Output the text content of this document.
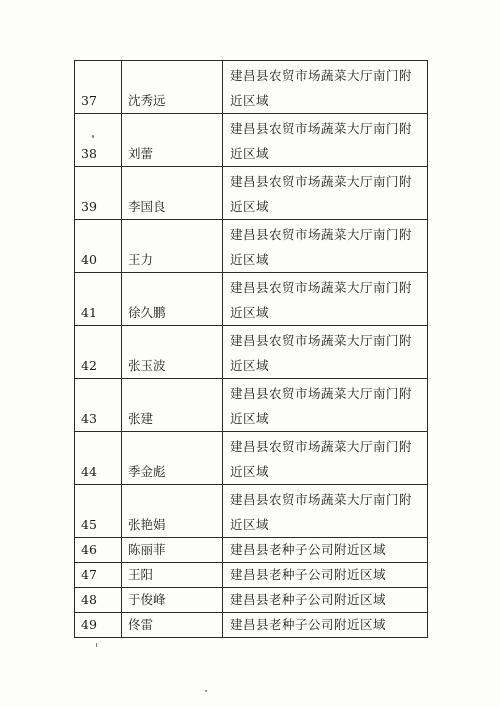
37	沈秀远	建昌县农贸市场蔬菜大厅南门附近区域
38	刘蕾	建昌县农贸市场蔬菜大厅南门附近区域
39	李国良	建昌县农贸市场蔬菜大厅南门附近区域
40	王力	建昌县农贸市场蔬菜大厅南门附近区域
41	徐久鹏	建昌县农贸市场蔬菜大厅南门附近区域
42	张玉波	建昌县农贸市场蔬菜大厅南门附近区域
43	张建	建昌县农贸市场蔬菜大厅南门附近区域
44	季金彪	建昌县农贸市场蔬菜大厅南门附近区域
45	张艳娟	建昌县农贸市场蔬菜大厅南门附近区域
46	陈丽菲	建昌县老种子公司附近区域
47	王阳	建昌县老种子公司附近区域
48	于俊峰	建昌县老种子公司附近区域
49	佟雷	建昌县老种子公司附近区域
